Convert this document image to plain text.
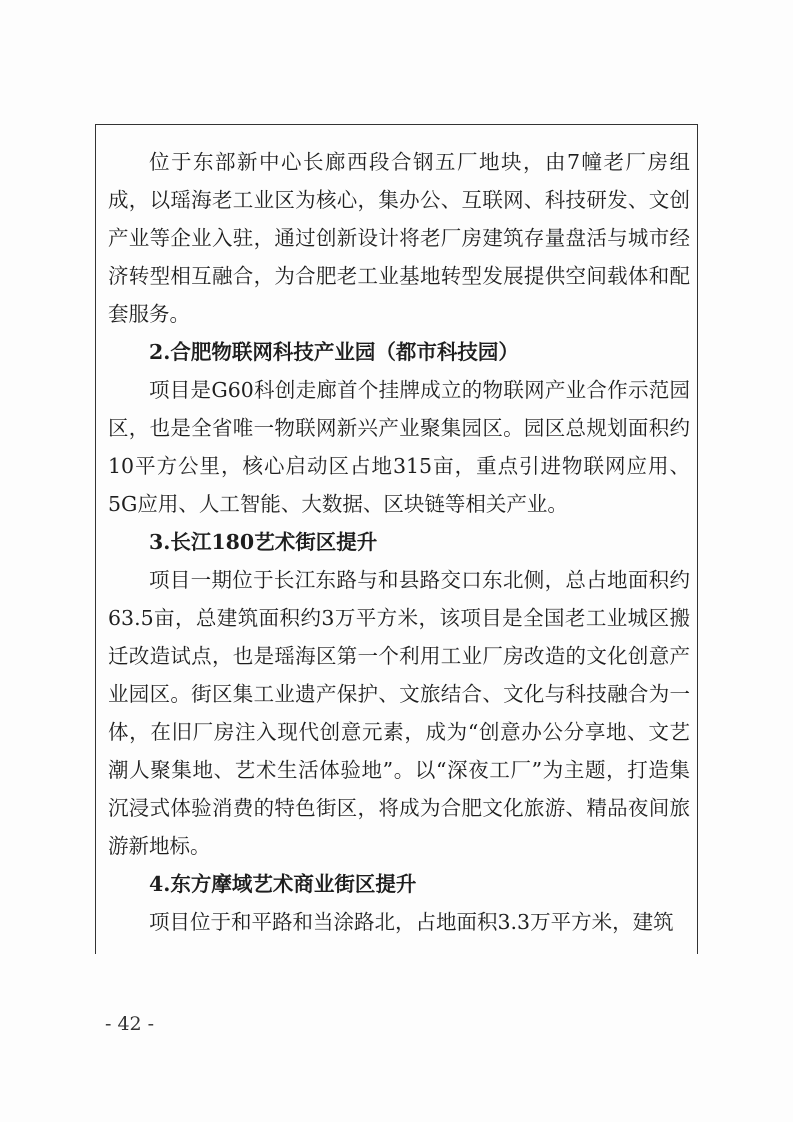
位于东部新中心长廊西段合钢五厂地块，由7幢老厂房组成，以瑶海老工业区为核心，集办公、互联网、科技研发、文创产业等企业入驻，通过创新设计将老厂房建筑存量盘活与城市经济转型相互融合，为合肥老工业基地转型发展提供空间载体和配套服务。

2.合肥物联网科技产业园（都市科技园）

项目是G60科创走廊首个挂牌成立的物联网产业合作示范园区，也是全省唯一物联网新兴产业聚集园区。园区总规划面积约10平方公里，核心启动区占地315亩，重点引进物联网应用、5G应用、人工智能、大数据、区块链等相关产业。

3.长江180艺术街区提升

项目一期位于长江东路与和县路交口东北侧，总占地面积约63.5亩，总建筑面积约3万平方米，该项目是全国老工业城区搬迁改造试点，也是瑶海区第一个利用工业厂房改造的文化创意产业园区。街区集工业遗产保护、文旅结合、文化与科技融合为一体，在旧厂房注入现代创意元素，成为“创意办公分享地、文艺潮人聚集地、艺术生活体验地”。以“深夜工厂”为主题，打造集沉浸式体验消费的特色街区，将成为合肥文化旅游、精品夜间旅游新地标。

4.东方摩域艺术商业街区提升

项目位于和平路和当涂路北，占地面积3.3万平方米，建筑

- 42 -
